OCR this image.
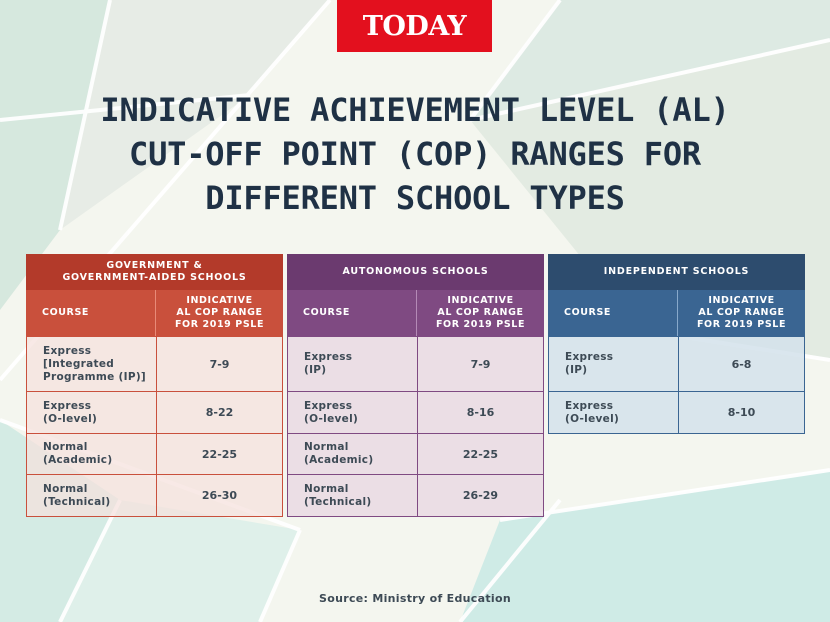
TODAY
INDICATIVE ACHIEVEMENT LEVEL (AL)
CUT-OFF POINT (COP) RANGES FOR
DIFFERENT SCHOOL TYPES
GOVERNMENT &
GOVERNMENT-AIDED SCHOOLS
COURSE
INDICATIVE
AL COP RANGE
FOR 2019 PSLE
Express
[Integrated
Programme (IP)]
7-9
Express
(O-level)	8-22
Normal
(Academic)	22-25
Normal
(Technical)	26-30
AUTONOMOUS SCHOOLS
COURSE
INDICATIVE
AL COP RANGE
FOR 2019 PSLE
Express
(IP)	7-9
Express
(O-level)	8-16
Normal
(Academic)	22-25
Normal
(Technical)	26-29
INDEPENDENT SCHOOLS
COURSE
INDICATIVE
AL COP RANGE
FOR 2019 PSLE
Express
(IP)	6-8
Express
(O-level)	8-10
Source: Ministry of Education
